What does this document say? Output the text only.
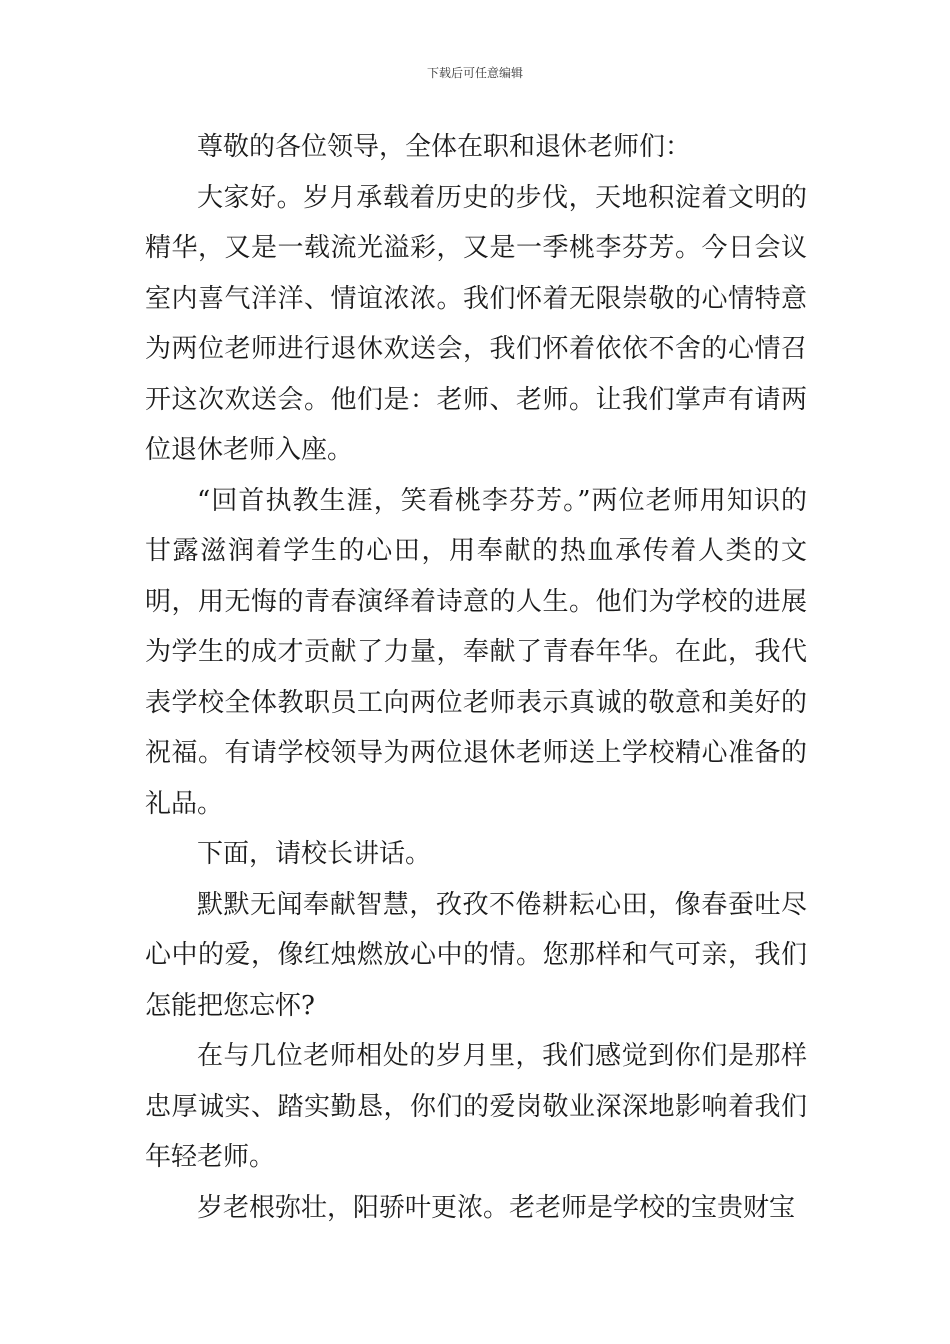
下载后可任意编辑

尊敬的各位领导，全体在职和退休老师们：

大家好。岁月承载着历史的步伐，天地积淀着文明的精华，又是一载流光溢彩，又是一季桃李芬芳。今日会议室内喜气洋洋、情谊浓浓。我们怀着无限崇敬的心情特意为两位老师进行退休欢送会，我们怀着依依不舍的心情召开这次欢送会。他们是：老师、老师。让我们掌声有请两位退休老师入座。

“回首执教生涯，笑看桃李芬芳。”两位老师用知识的甘露滋润着学生的心田，用奉献的热血承传着人类的文明，用无悔的青春演绎着诗意的人生。他们为学校的进展为学生的成才贡献了力量，奉献了青春年华。在此，我代表学校全体教职员工向两位老师表示真诚的敬意和美好的祝福。有请学校领导为两位退休老师送上学校精心准备的礼品。

下面，请校长讲话。

默默无闻奉献智慧，孜孜不倦耕耘心田，像春蚕吐尽心中的爱，像红烛燃放心中的情。您那样和气可亲，我们怎能把您忘怀?

在与几位老师相处的岁月里，我们感觉到你们是那样忠厚诚实、踏实勤恳，你们的爱岗敬业深深地影响着我们年轻老师。

岁老根弥壮，阳骄叶更浓。老老师是学校的宝贵财宝
